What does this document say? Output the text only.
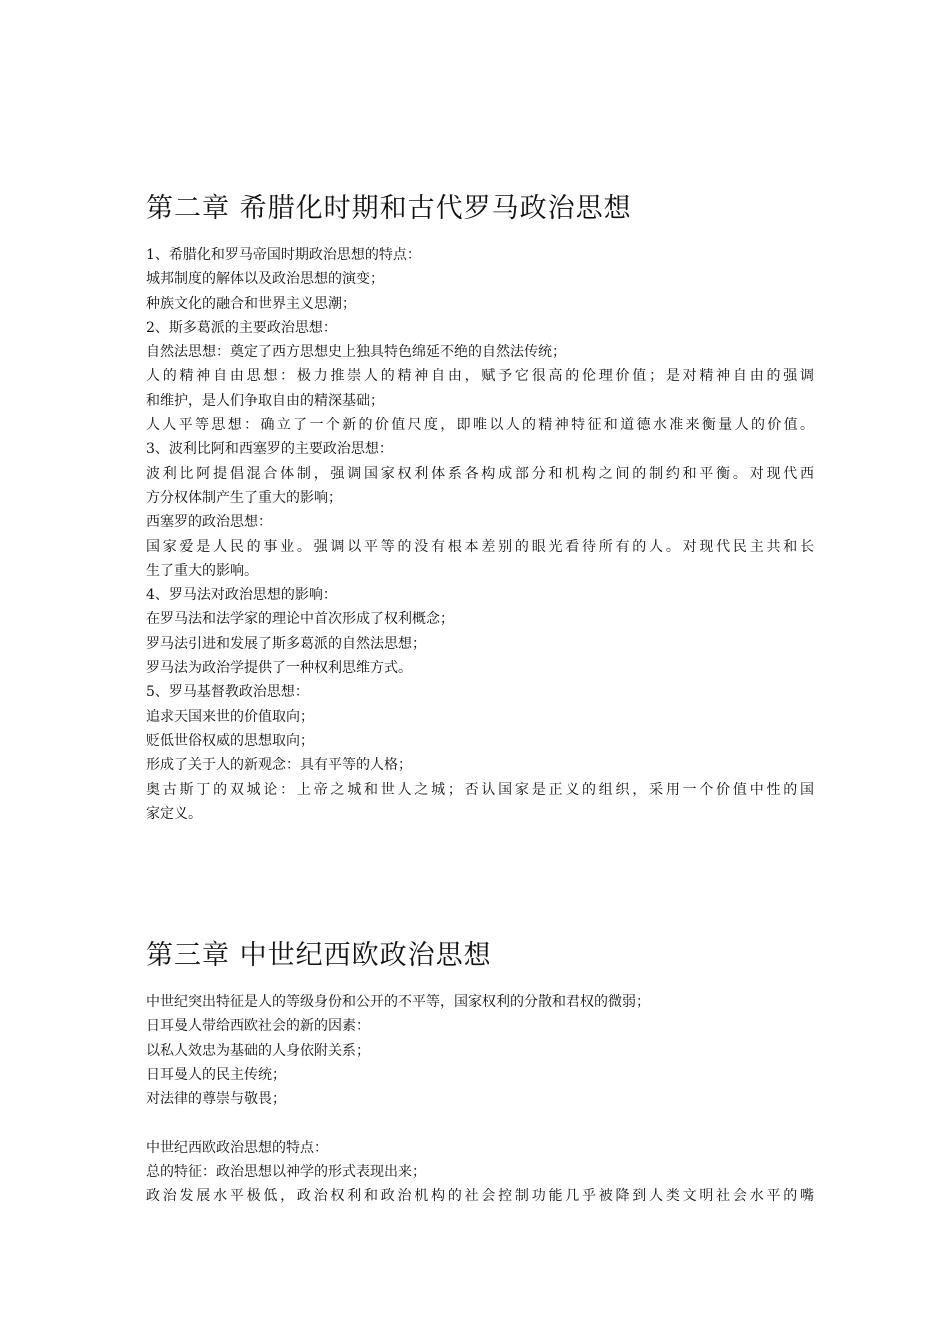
第二章 希腊化时期和古代罗马政治思想
1、希腊化和罗马帝国时期政治思想的特点：
城邦制度的解体以及政治思想的演变；
种族文化的融合和世界主义思潮；
2、斯多葛派的主要政治思想：
自然法思想：奠定了西方思想史上独具特色绵延不绝的自然法传统；
人的精神自由思想：极力推崇人的精神自由，赋予它很高的伦理价值；是对精神自由的强调
和维护，是人们争取自由的精深基础；
人人平等思想：确立了一个新的价值尺度，即唯以人的精神特征和道德水准来衡量人的价值。
3、波利比阿和西塞罗的主要政治思想：
波利比阿提倡混合体制，强调国家权利体系各构成部分和机构之间的制约和平衡。对现代西
方分权体制产生了重大的影响；
西塞罗的政治思想：
国家爱是人民的事业。强调以平等的没有根本差别的眼光看待所有的人。对现代民主共和长
生了重大的影响。
4、罗马法对政治思想的影响：
在罗马法和法学家的理论中首次形成了权利概念；
罗马法引进和发展了斯多葛派的自然法思想；
罗马法为政治学提供了一种权利思维方式。
5、罗马基督教政治思想：
追求天国来世的价值取向；
贬低世俗权威的思想取向；
形成了关于人的新观念：具有平等的人格；
奥古斯丁的双城论：上帝之城和世人之城；否认国家是正义的组织，采用一个价值中性的国
家定义。
第三章 中世纪西欧政治思想
中世纪突出特征是人的等级身份和公开的不平等，国家权利的分散和君权的微弱；
日耳曼人带给西欧社会的新的因素：
以私人效忠为基础的人身依附关系；
日耳曼人的民主传统；
对法律的尊崇与敬畏；
中世纪西欧政治思想的特点：
总的特征：政治思想以神学的形式表现出来；
政治发展水平极低，政治权利和政治机构的社会控制功能几乎被降到人类文明社会水平的嘴
